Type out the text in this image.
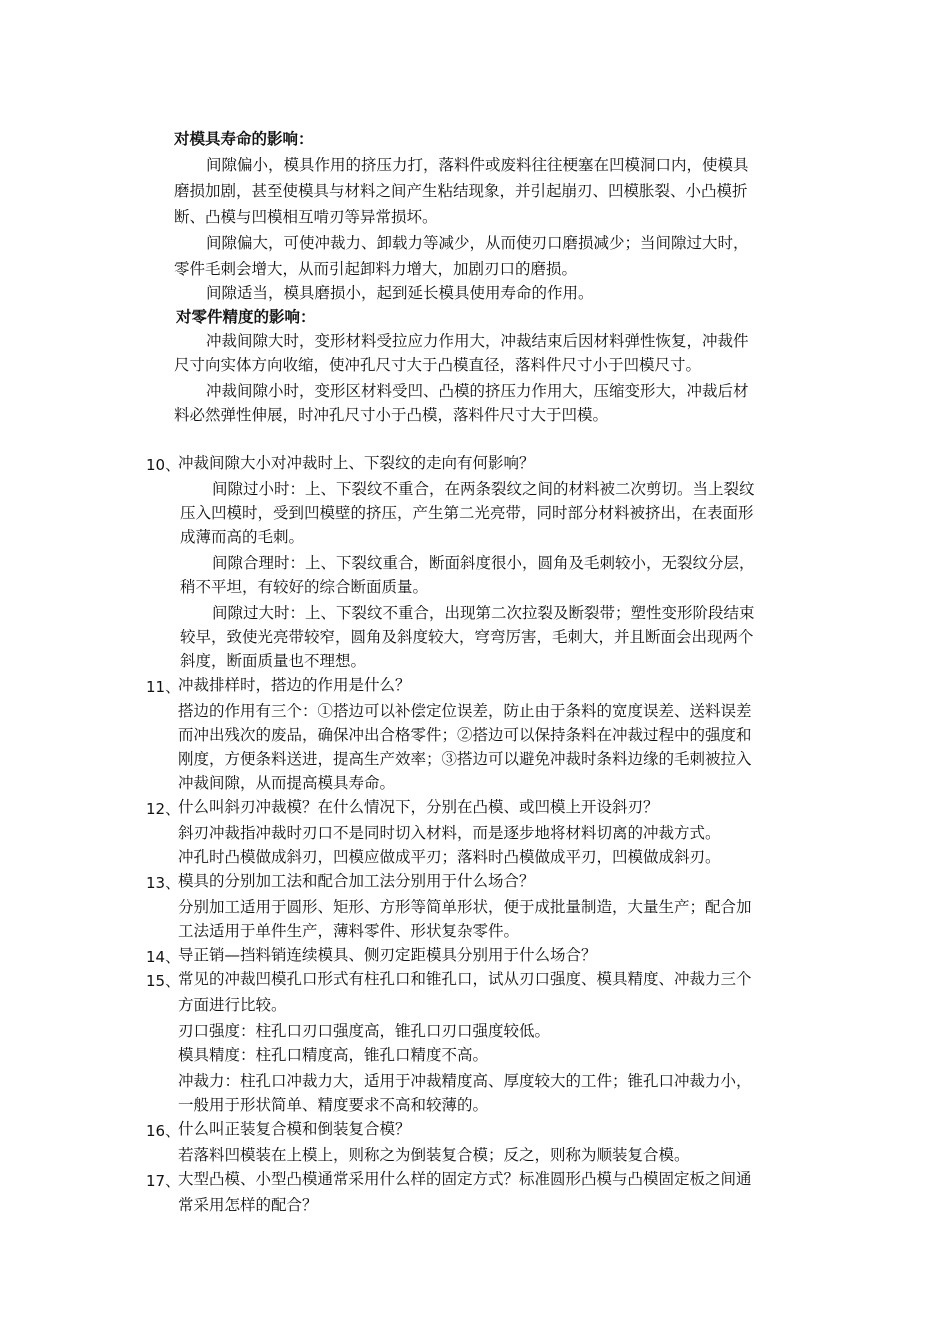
对模具寿命的影响：
间隙偏小，模具作用的挤压力打，落料件或废料往往梗塞在凹模洞口内，使模具
磨损加剧，甚至使模具与材料之间产生粘结现象，并引起崩刃、凹模胀裂、小凸模折
断、凸模与凹模相互啃刃等异常损坏。
间隙偏大，可使冲裁力、卸载力等减少，从而使刃口磨损减少；当间隙过大时，
零件毛刺会增大，从而引起卸料力增大，加剧刃口的磨损。
间隙适当，模具磨损小，起到延长模具使用寿命的作用。
对零件精度的影响：
冲裁间隙大时，变形材料受拉应力作用大，冲裁结束后因材料弹性恢复，冲裁件
尺寸向实体方向收缩，使冲孔尺寸大于凸模直径，落料件尺寸小于凹模尺寸。
冲裁间隙小时，变形区材料受凹、凸模的挤压力作用大，压缩变形大，冲裁后材
料必然弹性伸展，时冲孔尺寸小于凸模，落料件尺寸大于凹模。
10、
冲裁间隙大小对冲裁时上、下裂纹的走向有何影响？
间隙过小时：上、下裂纹不重合，在两条裂纹之间的材料被二次剪切。当上裂纹
压入凹模时，受到凹模壁的挤压，产生第二光亮带，同时部分材料被挤出，在表面形
成薄而高的毛刺。
间隙合理时：上、下裂纹重合，断面斜度很小，圆角及毛刺较小，无裂纹分层，
稍不平坦，有较好的综合断面质量。
间隙过大时：上、下裂纹不重合，出现第二次拉裂及断裂带；塑性变形阶段结束
较早，致使光亮带较窄，圆角及斜度较大，穹弯厉害，毛刺大，并且断面会出现两个
斜度，断面质量也不理想。
11、
冲裁排样时，搭边的作用是什么？
搭边的作用有三个：①搭边可以补偿定位误差，防止由于条料的宽度误差、送料误差
而冲出残次的废品，确保冲出合格零件；②搭边可以保持条料在冲裁过程中的强度和
刚度，方便条料送进，提高生产效率；③搭边可以避免冲裁时条料边缘的毛刺被拉入
冲裁间隙，从而提高模具寿命。
12、
什么叫斜刃冲裁模？在什么情况下，分别在凸模、或凹模上开设斜刃？
斜刃冲裁指冲裁时刃口不是同时切入材料，而是逐步地将材料切离的冲裁方式。
冲孔时凸模做成斜刃，凹模应做成平刃；落料时凸模做成平刃，凹模做成斜刃。
13、
模具的分别加工法和配合加工法分别用于什么场合？
分别加工适用于圆形、矩形、方形等简单形状，便于成批量制造，大量生产；配合加
工法适用于单件生产，薄料零件、形状复杂零件。
14、
导正销—挡料销连续模具、侧刃定距模具分别用于什么场合？
15、
常见的冲裁凹模孔口形式有柱孔口和锥孔口，试从刃口强度、模具精度、冲裁力三个
方面进行比较。
刃口强度：柱孔口刃口强度高，锥孔口刃口强度较低。
模具精度：柱孔口精度高，锥孔口精度不高。
冲裁力：柱孔口冲裁力大，适用于冲裁精度高、厚度较大的工件；锥孔口冲裁力小，
一般用于形状简单、精度要求不高和较薄的。
16、
什么叫正装复合模和倒装复合模？
若落料凹模装在上模上，则称之为倒装复合模；反之，则称为顺装复合模。
17、
大型凸模、小型凸模通常采用什么样的固定方式？标准圆形凸模与凸模固定板之间通
常采用怎样的配合？
